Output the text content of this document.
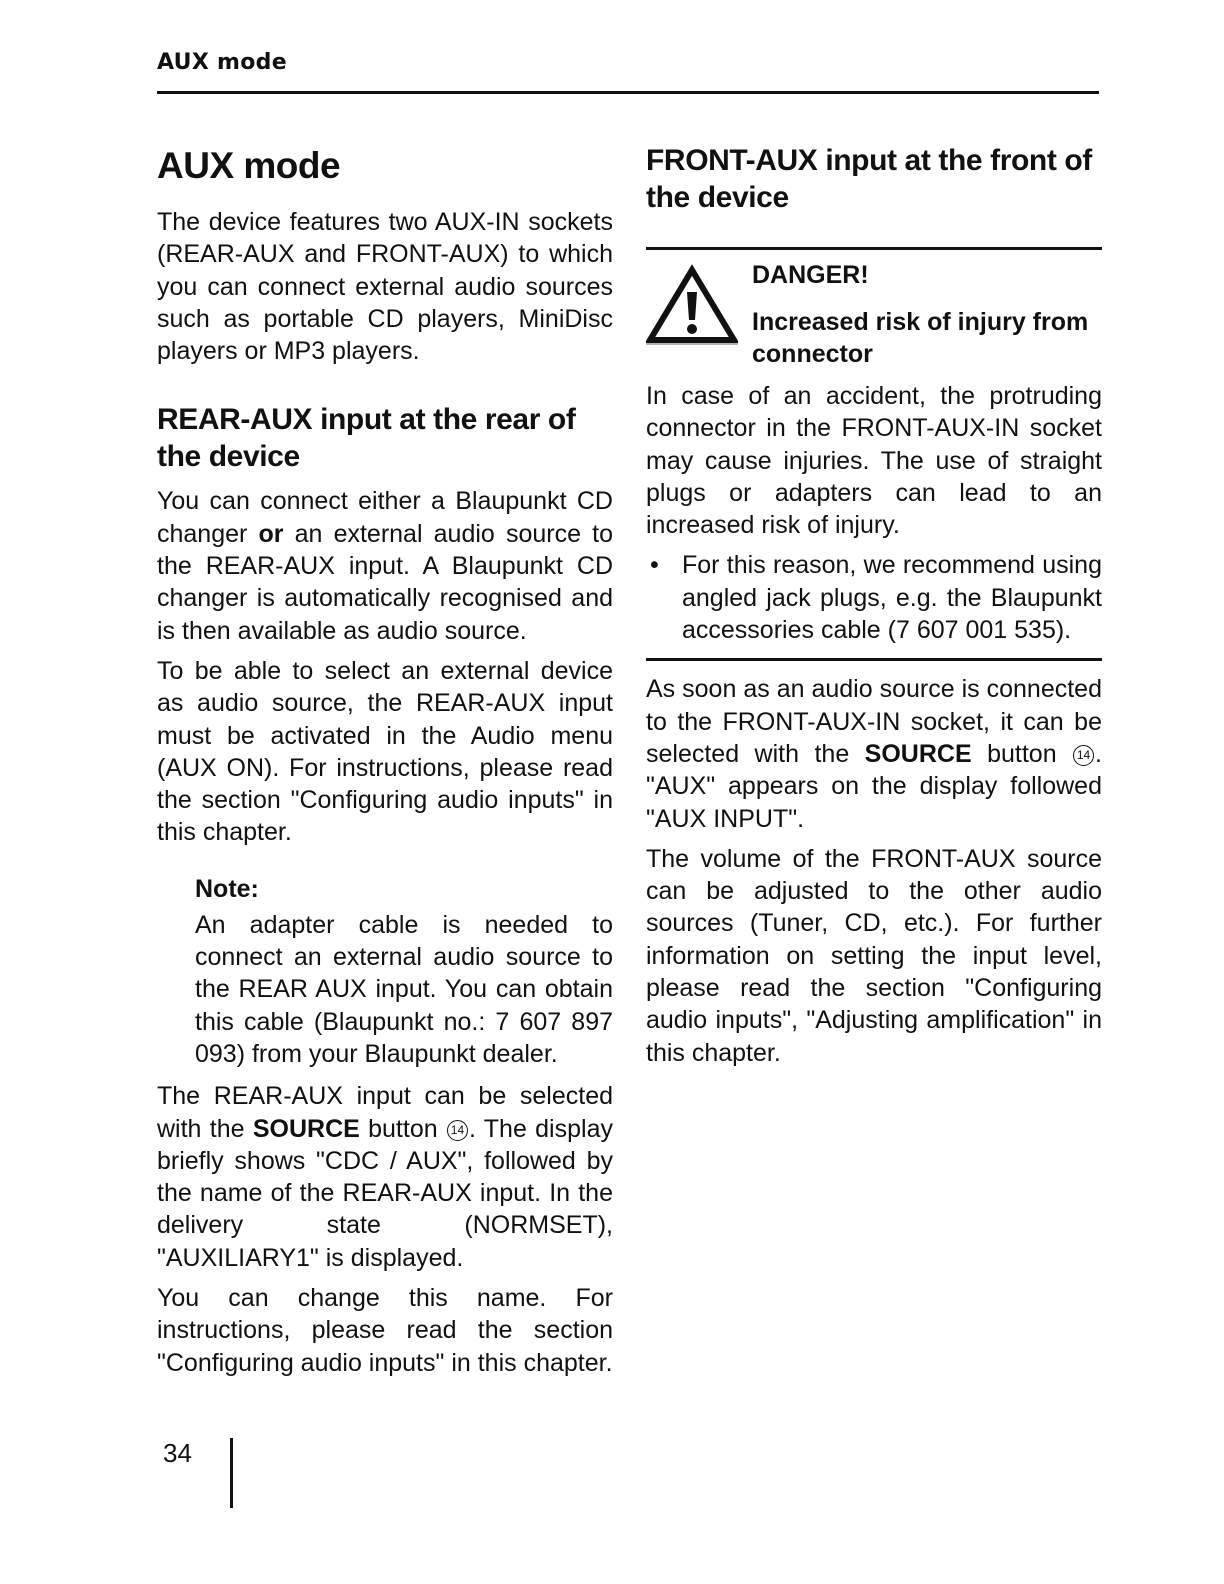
AUX mode
AUX mode

The device features two AUX-IN sockets (REAR-AUX and FRONT-AUX) to which you can connect external audio sources such as portable CD players, MiniDisc players or MP3 players.

REAR-AUX input at the rear of the device

You can connect either a Blaupunkt CD changer or an external audio source to the REAR-AUX input. A Blaupunkt CD changer is automatically recognised and is then available as audio source.

To be able to select an external device as audio source, the REAR-AUX input must be activated in the Audio menu (AUX ON). For instructions, please read the section "Configuring audio inputs" in this chapter.

Note:

An adapter cable is needed to connect an external audio source to the REAR AUX input. You can obtain this cable (Blaupunkt no.: 7 607 897 093) from your Blaupunkt dealer.

The REAR-AUX input can be selected with the SOURCE button 14 . The display briefly shows "CDC / AUX", followed by the name of the REAR-AUX input. In the delivery state (NORMSET), "AUXILIARY1" is displayed.

You can change this name. For instructions, please read the section "Configuring audio inputs" in this chapter.

FRONT-AUX input at the front of the device
DANGER!
Increased risk of injury from connector

In case of an accident, the protruding connector in the FRONT-AUX-IN socket may cause injuries. The use of straight plugs or adapters can lead to an increased risk of injury.

• For this reason, we recommend using angled jack plugs, e.g. the Blaupunkt accessories cable (7 607 001 535).

As soon as an audio source is connected to the FRONT-AUX-IN socket, it can be selected with the SOURCE button 14 . "AUX" appears on the display followed "AUX INPUT".

The volume of the FRONT-AUX source can be adjusted to the other audio sources (Tuner, CD, etc.). For further information on setting the input level, please read the section "Configuring audio inputs", "Adjusting amplification" in this chapter.

34
